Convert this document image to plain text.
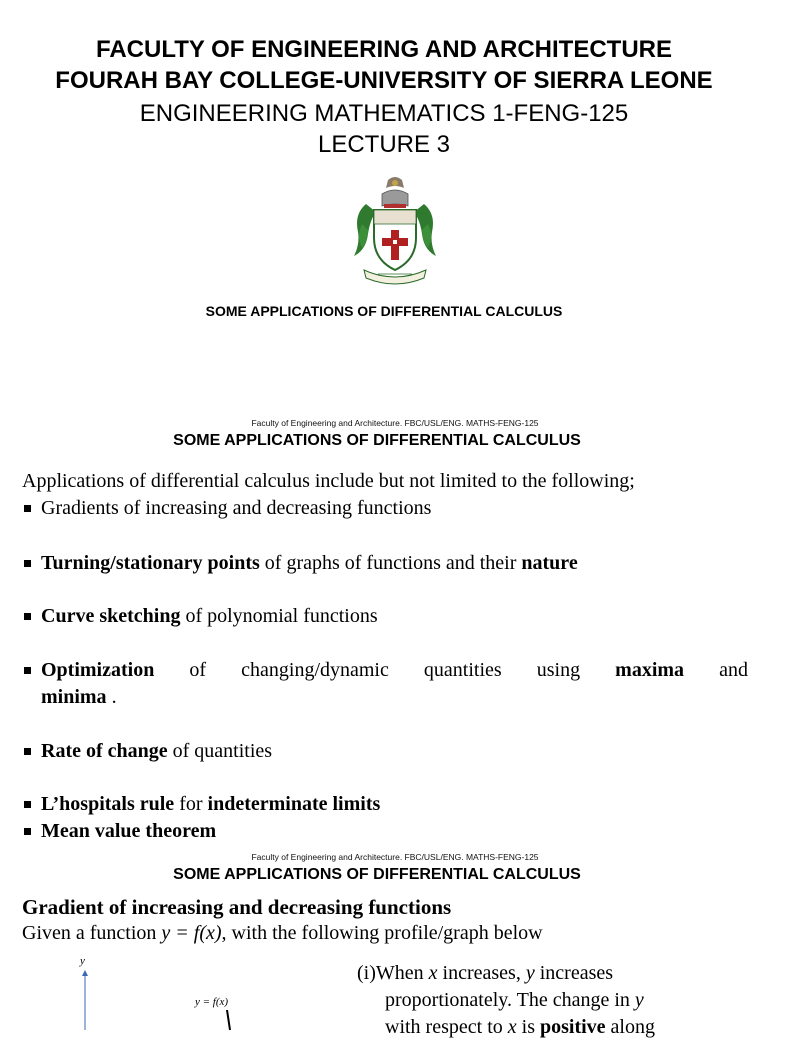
FACULTY OF ENGINEERING AND ARCHITECTURE
FOURAH BAY COLLEGE-UNIVERSITY OF SIERRA LEONE
ENGINEERING MATHEMATICS 1-FENG-125
LECTURE 3
SOME APPLICATIONS OF DIFFERENTIAL CALCULUS
Faculty of Engineering and Architecture. FBC/USL/ENG. MATHS-FENG-125
SOME APPLICATIONS OF DIFFERENTIAL CALCULUS
Applications of differential calculus include but not limited to the following;
Gradients of increasing and decreasing functions
Turning/stationary points of graphs of functions and their nature
Curve sketching of polynomial functions
Optimization of changing/dynamic quantities using maxima and
minima .
Rate of change of quantities
L’hospitals rule for indeterminate limits
Mean value theorem
Faculty of Engineering and Architecture. FBC/USL/ENG. MATHS-FENG-125
SOME APPLICATIONS OF DIFFERENTIAL CALCULUS
Gradient of increasing and decreasing functions
Given a function y = f(x), with the following profile/graph below
y
y = f(x)
(i)When x increases, y increases
proportionately. The change in y
with respect to x is positive along
